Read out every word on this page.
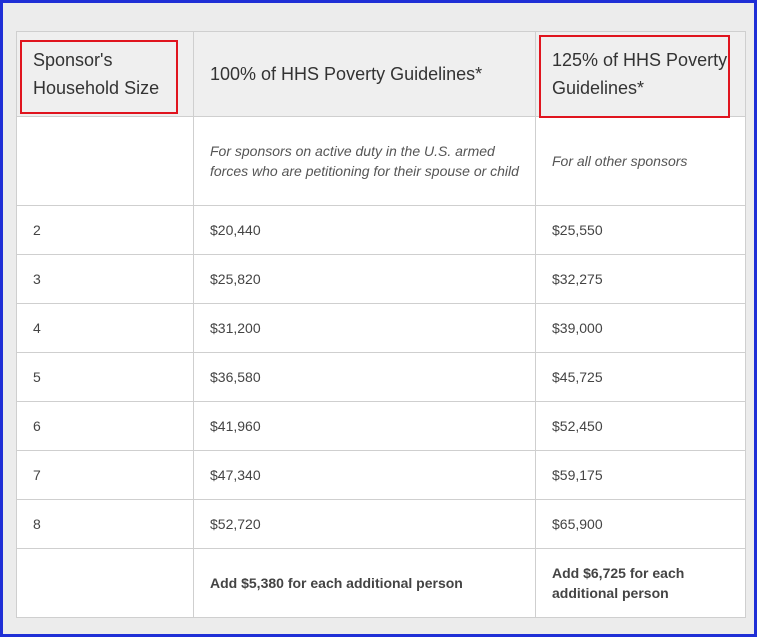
Sponsor's Household Size	100% of HHS Poverty Guidelines*	125% of HHS Poverty Guidelines*

	For sponsors on active duty in the U.S. armed forces who are petitioning for their spouse or child	For all other sponsors
2	$20,440	$25,550
3	$25,820	$32,275
4	$31,200	$39,000
5	$36,580	$45,725
6	$41,960	$52,450
7	$47,340	$59,175
8	$52,720	$65,900
	Add $5,380 for each additional person	Add $6,725 for each additional person
